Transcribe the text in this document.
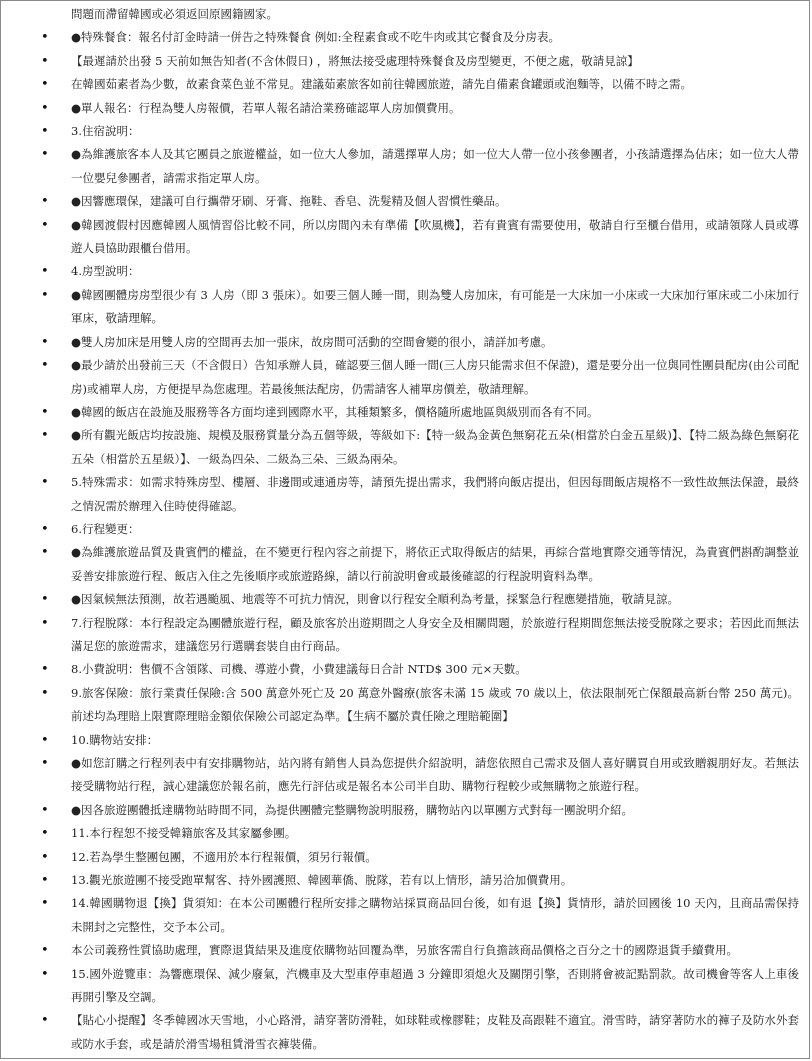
問題而滯留韓國或必須返回原國籍國家。
• ●特殊餐食：報名付訂金時請一併告之特殊餐食 例如:全程素食或不吃牛肉或其它餐食及分房表。
• 【最遲請於出發 5 天前如無告知者(不含休假日) ，將無法接受處理特殊餐食及房型變更，不便之處，敬請見諒】
• 在韓國茹素者為少數，故素食菜色並不常見。建議茹素旅客如前往韓國旅遊，請先自備素食罐頭或泡麵等，以備不時之需。
• ●單人報名：行程為雙人房報價，若單人報名請洽業務確認單人房加價費用。
• 3.住宿說明：
• ●為維護旅客本人及其它團員之旅遊權益，如一位大人參加，請選擇單人房；如一位大人帶一位小孩參團者，小孩請選擇為佔床；如一位大人帶一位嬰兒參團者，請需求指定單人房。
• ●因響應環保，建議可自行攜帶牙刷、牙膏、拖鞋、香皂、洗髮精及個人習慣性藥品。
• ●韓國渡假村因應韓國人風情習俗比較不同，所以房間內未有準備【吹風機】，若有貴賓有需要使用，敬請自行至櫃台借用，或請領隊人員或導遊人員協助跟櫃台借用。
• 4.房型說明：
• ●韓國團體房房型很少有 3 人房（即 3 張床）。如要三個人睡一間，則為雙人房加床，有可能是一大床加一小床或一大床加行軍床或二小床加行軍床，敬請理解。
• ●雙人房加床是用雙人房的空間再去加一張床，故房間可活動的空間會變的很小，請詳加考慮。
• ●最少請於出發前三天（不含假日）告知承辦人員，確認要三個人睡一間(三人房只能需求但不保證)，還是要分出一位與同性團員配房(由公司配房)或補單人房，方便提早為您處理。若最後無法配房，仍需請客人補單房價差，敬請理解。
• ●韓國的飯店在設施及服務等各方面均達到國際水平，其種類繁多，價格隨所處地區與級別而各有不同。
• ●所有觀光飯店均按設施、規模及服務質量分為五個等級，等級如下:【特一級為金黃色無窮花五朵(相當於白金五星級)】、【特二級為綠色無窮花五朵（相當於五星級）】、一級為四朵、二級為三朵、三級為兩朵。
• 5.特殊需求：如需求特殊房型、樓層、非邊間或連通房等，請預先提出需求，我們將向飯店提出，但因每間飯店規格不一致性故無法保證，最終之情況需於辦理入住時使得確認。
• 6.行程變更：
• ●為維護旅遊品質及貴賓們的權益，在不變更行程內容之前提下，將依正式取得飯店的結果，再綜合當地實際交通等情況，為貴賓們斟酌調整並妥善安排旅遊行程、飯店入住之先後順序或旅遊路線，請以行前說明會或最後確認的行程說明資料為準。
• ●因氣候無法預測，故若遇颱風、地震等不可抗力情況，則會以行程安全順利為考量，採緊急行程應變措施，敬請見諒。
• 7.行程脫隊：本行程設定為團體旅遊行程，顧及旅客於出遊期間之人身安全及相關問題，於旅遊行程期間您無法接受脫隊之要求；若因此而無法滿足您的旅遊需求，建議您另行選購套裝自由行商品。
• 8.小費說明：售價不含領隊、司機、導遊小費，小費建議每日合計 NTD$ 300 元×天數。
• 9.旅客保險：旅行業責任保險:含 500 萬意外死亡及 20 萬意外醫療(旅客未滿 15 歲或 70 歲以上，依法限制死亡保額最高新台幣 250 萬元)。前述均為理賠上限實際理賠金額依保險公司認定為準。【生病不屬於責任險之理賠範圍】
• 10.購物站安排：
• ●如您訂購之行程列表中有安排購物站，站內將有銷售人員為您提供介紹說明，請您依照自己需求及個人喜好購買自用或致贈親朋好友。若無法接受購物站行程，誠心建議您於報名前，應先行評估或是報名本公司半自助、購物行程較少或無購物之旅遊行程。
• ●因各旅遊團體抵達購物站時間不同，為提供團體完整購物說明服務，購物站內以單團方式對每一團說明介紹。
• 11.本行程恕不接受韓籍旅客及其家屬參團。
• 12.若為學生整團包團，不適用於本行程報價，須另行報價。
• 13.觀光旅遊團不接受跑單幫客、持外國護照、韓國華僑、脫隊，若有以上情形，請另洽加價費用。
• 14.韓國購物退【換】貨須知：在本公司團體行程所安排之購物站採買商品回台後，如有退【換】貨情形，請於回國後 10 天內，且商品需保持未開封之完整性，交予本公司。
• 本公司義務性質協助處理，實際退貨結果及進度依購物站回覆為準，另旅客需自行負擔該商品價格之百分之十的國際退貨手續費用。
• 15.國外遊覽車：為響應環保、減少廢氣，汽機車及大型車停車超過 3 分鐘即須熄火及關閉引擎，否則將會被記點罰款。故司機會等客人上車後再開引擎及空調。
• 【貼心小提醒】冬季韓國冰天雪地，小心路滑，請穿著防滑鞋，如球鞋或橡膠鞋；皮鞋及高跟鞋不適宜。滑雪時，請穿著防水的褲子及防水外套或防水手套，或是請於滑雪場租賃滑雪衣褲裝備。
